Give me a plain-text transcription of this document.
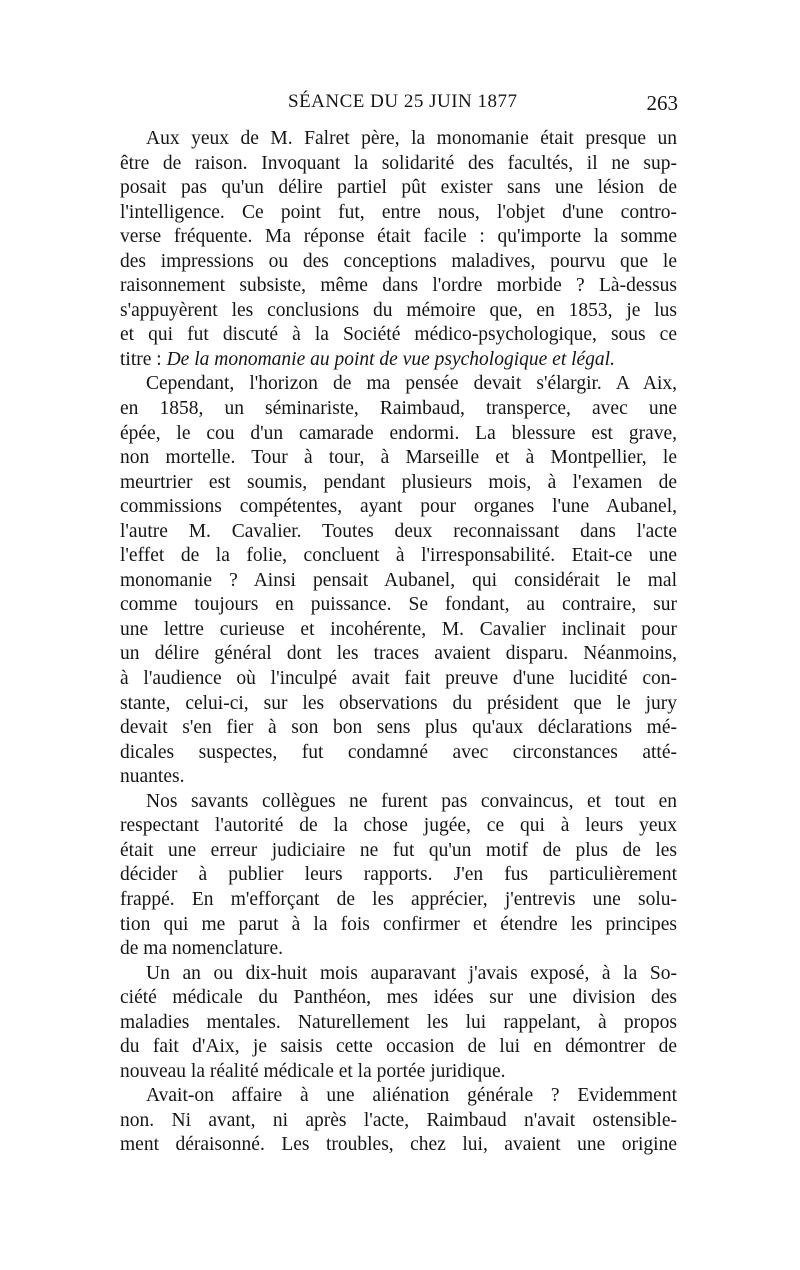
SÉANCE DU 25 JUIN 1877	263
Aux yeux de M. Falret père, la monomanie était presque un
être de raison. Invoquant la solidarité des facultés, il ne sup-
posait pas qu'un délire partiel pût exister sans une lésion de
l'intelligence. Ce point fut, entre nous, l'objet d'une contro-
verse fréquente. Ma réponse était facile : qu'importe la somme
des impressions ou des conceptions maladives, pourvu que le
raisonnement subsiste, même dans l'ordre morbide ? Là-dessus
s'appuyèrent les conclusions du mémoire que, en 1853, je lus
et qui fut discuté à la Société médico-psychologique, sous ce
titre : De la monomanie au point de vue psychologique et légal.
Cependant, l'horizon de ma pensée devait s'élargir. A Aix,
en 1858, un séminariste, Raimbaud, transperce, avec une
épée, le cou d'un camarade endormi. La blessure est grave,
non mortelle. Tour à tour, à Marseille et à Montpellier, le
meurtrier est soumis, pendant plusieurs mois, à l'examen de
commissions compétentes, ayant pour organes l'une Aubanel,
l'autre M. Cavalier. Toutes deux reconnaissant dans l'acte
l'effet de la folie, concluent à l'irresponsabilité. Etait-ce une
monomanie ? Ainsi pensait Aubanel, qui considérait le mal
comme toujours en puissance. Se fondant, au contraire, sur
une lettre curieuse et incohérente, M. Cavalier inclinait pour
un délire général dont les traces avaient disparu. Néanmoins,
à l'audience où l'inculpé avait fait preuve d'une lucidité con-
stante, celui-ci, sur les observations du président que le jury
devait s'en fier à son bon sens plus qu'aux déclarations mé-
dicales suspectes, fut condamné avec circonstances atté-
nuantes.
Nos savants collègues ne furent pas convaincus, et tout en
respectant l'autorité de la chose jugée, ce qui à leurs yeux
était une erreur judiciaire ne fut qu'un motif de plus de les
décider à publier leurs rapports. J'en fus particulièrement
frappé. En m'efforçant de les apprécier, j'entrevis une solu-
tion qui me parut à la fois confirmer et étendre les principes
de ma nomenclature.
Un an ou dix-huit mois auparavant j'avais exposé, à la So-
ciété médicale du Panthéon, mes idées sur une division des
maladies mentales. Naturellement les lui rappelant, à propos
du fait d'Aix, je saisis cette occasion de lui en démontrer de
nouveau la réalité médicale et la portée juridique.
Avait-on affaire à une aliénation générale ? Evidemment
non. Ni avant, ni après l'acte, Raimbaud n'avait ostensible-
ment déraisonné. Les troubles, chez lui, avaient une origine
